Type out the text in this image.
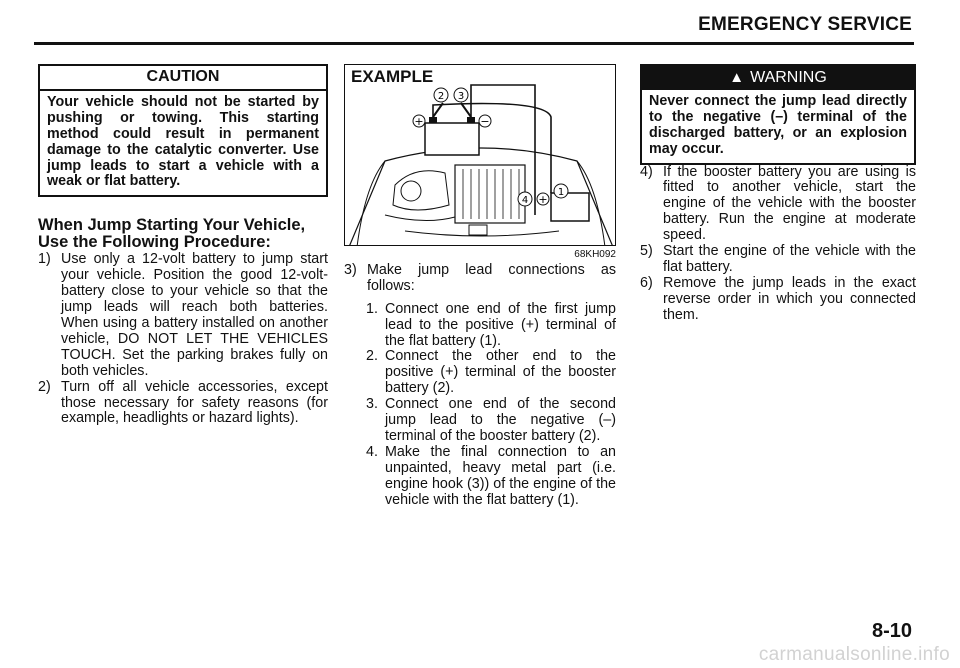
EMERGENCY SERVICE
CAUTION
Your vehicle should not be started by pushing or towing. This starting method could result in permanent damage to the catalytic converter. Use jump leads to start a vehicle with a weak or flat battery.
When Jump Starting Your Vehicle,
Use the Following Procedure:
1) Use only a 12-volt battery to jump start your vehicle. Position the good 12-volt-battery close to your vehicle so that the jump leads will reach both batteries. When using a battery installed on another vehicle, DO NOT LET THE VEHICLES TOUCH. Set the parking brakes fully on both vehicles.
2) Turn off all vehicle accessories, except those necessary for safety reasons (for example, headlights or hazard lights).
EXAMPLE
+	−
2 3
+
1
4
68KH092
3) Make jump lead connections as follows:
1. Connect one end of the first jump lead to the positive (+) terminal of the flat battery (1).
2. Connect the other end to the positive (+) terminal of the booster battery (2).
3. Connect one end of the second jump lead to the negative (–) terminal of the booster battery (2).
4. Make the final connection to an unpainted, heavy metal part (i.e. engine hook (3)) of the engine of the vehicle with the flat battery (1).
▲ WARNING
Never connect the jump lead directly to the negative (–) terminal of the discharged battery, or an explosion may occur.
4) If the booster battery you are using is fitted to another vehicle, start the engine of the vehicle with the booster battery. Run the engine at moderate speed.
5) Start the engine of the vehicle with the flat battery.
6) Remove the jump leads in the exact reverse order in which you connected them.
8-10
carmanualsonline.info
